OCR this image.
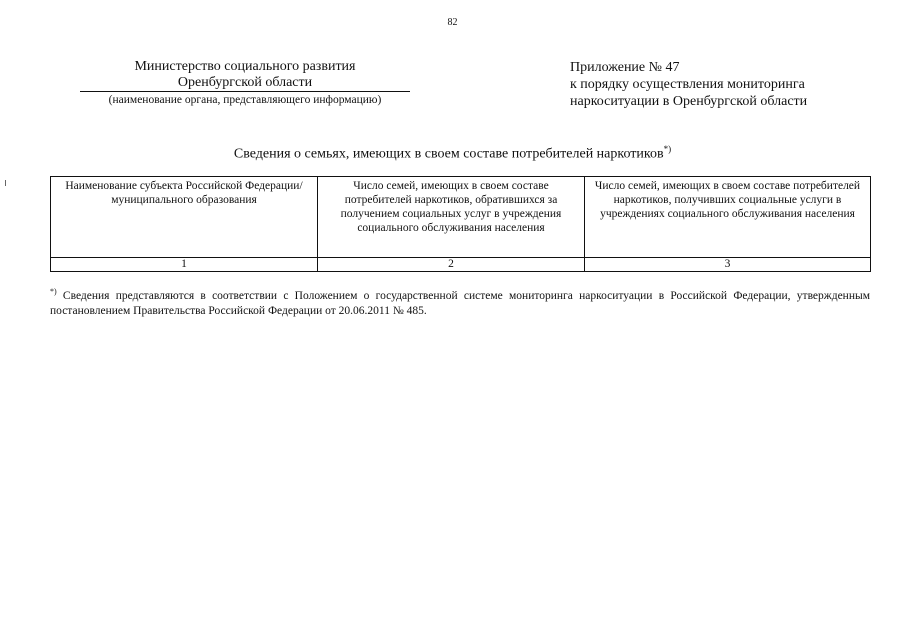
82
Министерство социального развития
Оренбургской области
(наименование органа, представляющего информацию)
Приложение № 47
к порядку осуществления мониторинга
наркоситуации в Оренбургской области
Сведения о семьях, имеющих в своем составе потребителей наркотиков*)
Наименование субъекта Российской Федерации/ муниципального образования	Число семей, имеющих в своем составе потребителей наркотиков, обратившихся за получением социальных услуг в учреждения социального обслуживания населения	Число семей, имеющих в своем составе потребителей наркотиков, получивших социальные услуги в учреждениях социального обслуживания населения
1	2	3
*) Сведения представляются в соответствии с Положением о государственной системе мониторинга наркоситуации в Российской Федерации, утвержденным постановлением Правительства Российской Федерации от 20.06.2011 № 485.
